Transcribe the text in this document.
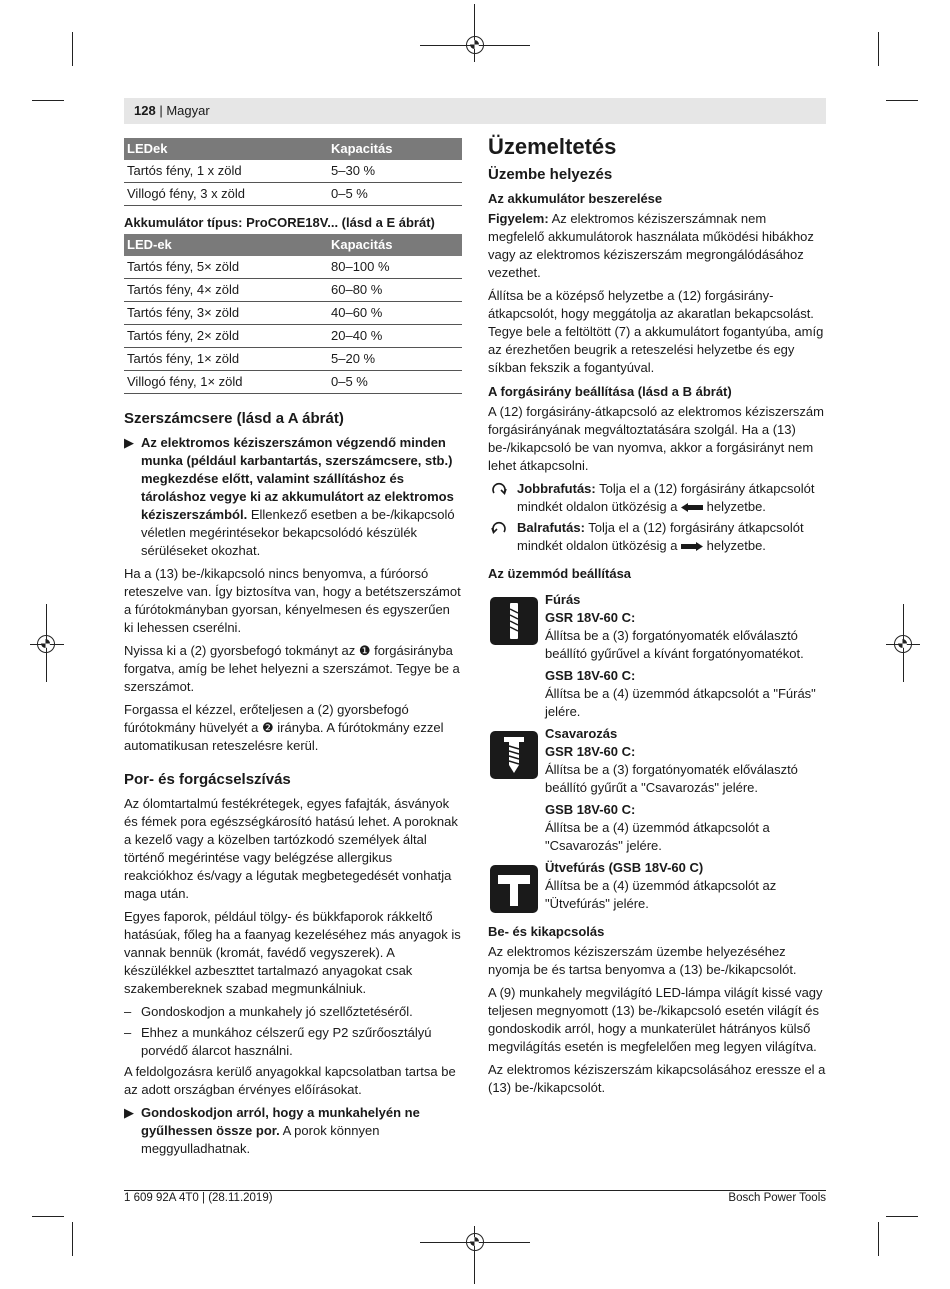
128 | Magyar
LEDek	Kapacitás
Tartós fény, 1 x zöld	5–30 %
Villogó fény, 3 x zöld	0–5 %
Akkumulátor típus: ProCORE18V... (lásd a E ábrát)
LED-ek	Kapacitás
Tartós fény, 5× zöld	80–100 %
Tartós fény, 4× zöld	60–80 %
Tartós fény, 3× zöld	40–60 %
Tartós fény, 2× zöld	20–40 %
Tartós fény, 1× zöld	5–20 %
Villogó fény, 1× zöld	0–5 %
Szerszámcsere (lásd a A ábrát)
▶ Az elektromos kéziszerszámon végzendő minden munka (például karbantartás, szerszámcsere, stb.) megkezdése előtt, valamint szállításhoz és tároláshoz vegye ki az akkumulátort az elektromos kéziszerszámból. Ellenkező esetben a be-/kikapcsoló véletlen megérintésekor bekapcsolódó készülék sérüléseket okozhat.

Ha a (13) be-/kikapcsoló nincs benyomva, a fúróorsó reteszelve van. Így biztosítva van, hogy a betétszerszámot a fúrótokmányban gyorsan, kényelmesen és egyszerűen ki lehessen cserélni.

Nyissa ki a (2) gyorsbefogó tokmányt az ❶ forgásirányba forgatva, amíg be lehet helyezni a szerszámot. Tegye be a szerszámot.

Forgassa el kézzel, erőteljesen a (2) gyorsbefogó fúrótokmány hüvelyét a ❷ irányba. A fúrótokmány ezzel automatikusan reteszelésre kerül.

Por- és forgácselszívás

Az ólomtartalmú festékrétegek, egyes fafajták, ásványok és fémek pora egészségkárosító hatású lehet. A poroknak a kezelő vagy a közelben tartózkodó személyek által történő megérintése vagy belégzése allergikus reakciókhoz és/vagy a légutak megbetegedését vonhatja maga után.

Egyes faporok, például tölgy- és bükkfaporok rákkeltő hatásúak, főleg ha a faanyag kezeléséhez más anyagok is vannak bennük (kromát, favédő vegyszerek). A készülékkel azbeszttet tartalmazó anyagokat csak szakembereknek szabad megmunkálniuk.

– Gondoskodjon a munkahely jó szellőztetéséről.
– Ehhez a munkához célszerű egy P2 szűrőosztályú porvédő álarcot használni.

A feldolgozásra kerülő anyagokkal kapcsolatban tartsa be az adott országban érvényes előírásokat.

▶ Gondoskodjon arról, hogy a munkahelyén ne gyűlhessen össze por. A porok könnyen meggyulladhatnak.
Üzemeltetés
Üzembe helyezés
Az akkumulátor beszerelése

Figyelem: Az elektromos kéziszerszámnak nem megfelelő akkumulátorok használata működési hibákhoz vagy az elektromos kéziszerszám megrongálódásához vezethet.

Állítsa be a középső helyzetbe a (12) forgásirány-átkapcsolót, hogy meggátolja az akaratlan bekapcsolást. Tegye bele a feltöltött (7) a akkumulátort fogantyúba, amíg az érezhetően beugrik a reteszelési helyzetbe és egy síkban fekszik a fogantyúval.

A forgásirány beállítása (lásd a B ábrát)

A (12) forgásirány-átkapcsoló az elektromos kéziszerszám forgásirányának megváltoztatására szolgál. Ha a (13) be-/kikapcsoló be van nyomva, akkor a forgásirányt nem lehet átkapcsolni.

Jobbrafutás: Tolja el a (12) forgásirány átkapcsolót mindkét oldalon ütközésig a  helyzetbe.
Balrafutás: Tolja el a (12) forgásirány átkapcsolót mindkét oldalon ütközésig a  helyzetbe.
Az üzemmód beállítása
Fúrás
GSR 18V-60 C:
Állítsa be a (3) forgatónyomaték előválasztó beállító gyűrűvel a kívánt forgatónyomatékot.
GSB 18V-60 C:
Állítsa be a (4) üzemmód átkapcsolót a "Fúrás" jelére.
Csavarozás
GSR 18V-60 C:
Állítsa be a (3) forgatónyomaték előválasztó beállító gyűrűt a "Csavarozás" jelére.
GSB 18V-60 C:
Állítsa be a (4) üzemmód átkapcsolót a "Csavarozás" jelére.
Ütvefúrás (GSB 18V-60 C)
Állítsa be a (4) üzemmód átkapcsolót az "Ütvefúrás" jelére.
Be- és kikapcsolás

Az elektromos kéziszerszám üzembe helyezéséhez nyomja be és tartsa benyomva a (13) be-/kikapcsolót.

A (9) munkahely megvilágító LED-lámpa világít kissé vagy teljesen megnyomott (13) be-/kikapcsoló esetén világít és gondoskodik arról, hogy a munkaterület hátrányos külső megvilágítás esetén is megfelelően meg legyen világítva.

Az elektromos kéziszerszám kikapcsolásához eressze el a (13) be-/kikapcsolót.

1 609 92A 4T0 | (28.11.2019)	Bosch Power Tools
